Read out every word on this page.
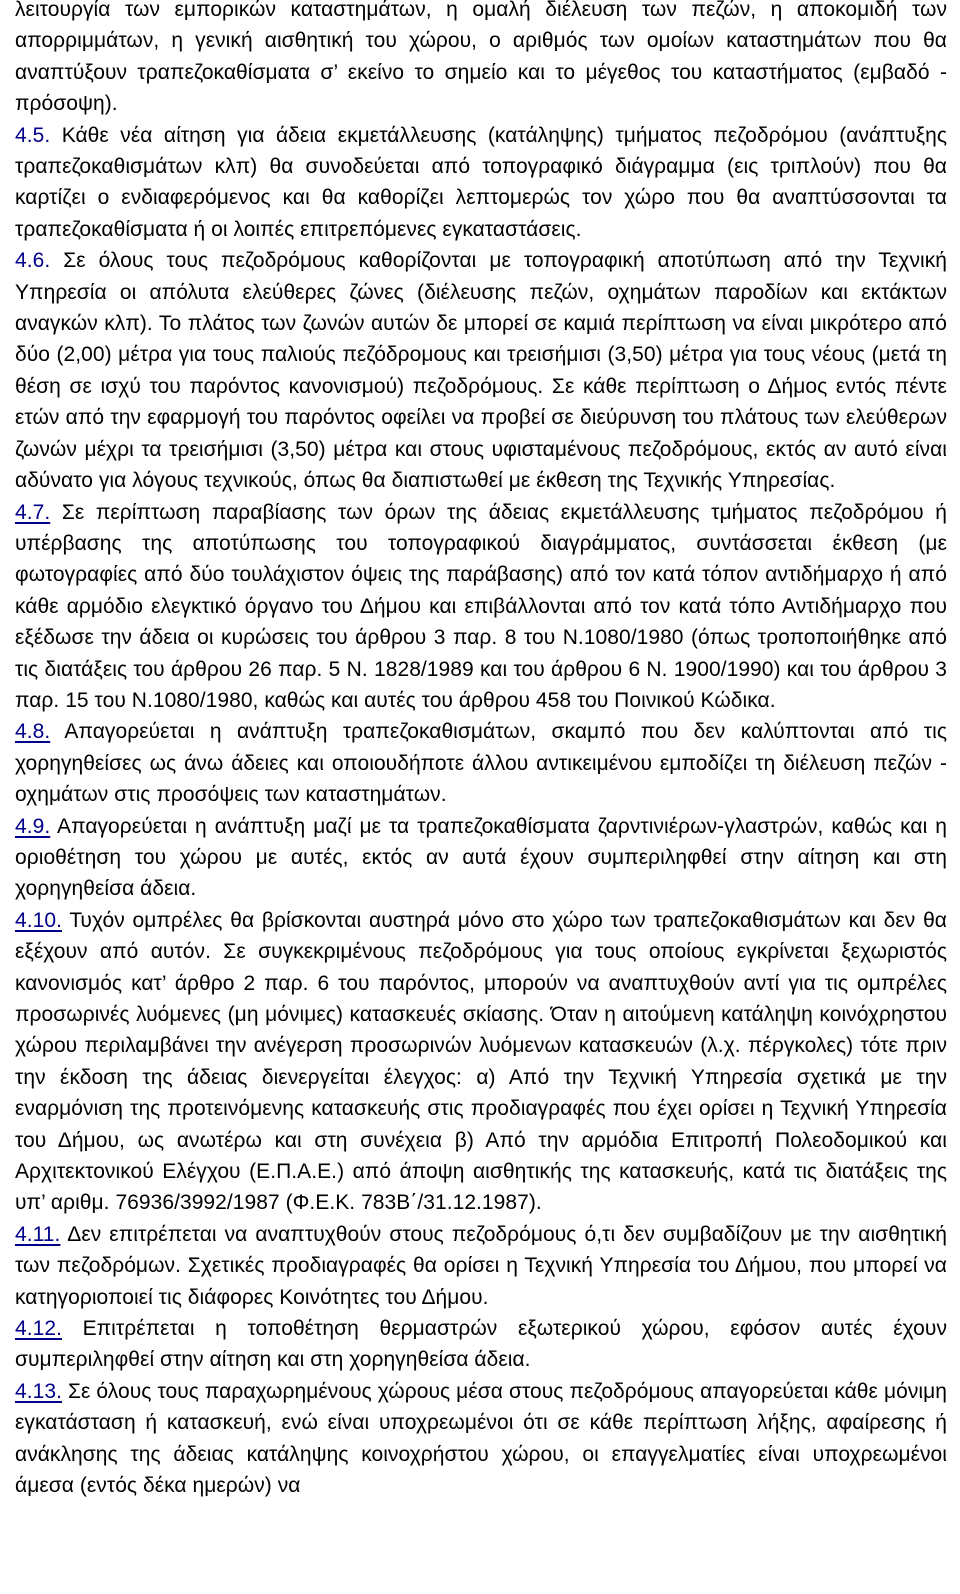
λειτουργία των εμπορικών καταστημάτων, η ομαλή διέλευση των πεζών, η αποκομιδή των απορριμμάτων, η γενική αισθητική του χώρου, ο αριθμός των ομοίων καταστημάτων που θα αναπτύξουν τραπεζοκαθίσματα σ’ εκείνο το σημείο και το μέγεθος του καταστήματος (εμβαδό - πρόσοψη).

4.5. Κάθε νέα αίτηση για άδεια εκμετάλλευσης (κατάληψης) τμήματος πεζοδρόμου (ανάπτυξης τραπεζοκαθισμάτων κλπ) θα συνοδεύεται από τοπογραφικό διάγραμμα (εις τριπλούν) που θα καρτίζει ο ενδιαφερόμενος και θα καθορίζει λεπτομερώς τον χώρο που θα αναπτύσσονται τα τραπεζοκαθίσματα ή οι λοιπές επιτρεπόμενες εγκαταστάσεις.

4.6. Σε όλους τους πεζοδρόμους καθορίζονται με τοπογραφική αποτύπωση από την Τεχνική Υπηρεσία οι απόλυτα ελεύθερες ζώνες (διέλευσης πεζών, οχημάτων παροδίων και εκτάκτων αναγκών κλπ). Το πλάτος των ζωνών αυτών δε μπορεί σε καμιά περίπτωση να είναι μικρότερο από δύο (2,00) μέτρα για τους παλιούς πεζόδρομους και τρεισήμισι (3,50) μέτρα για τους νέους (μετά τη θέση σε ισχύ του παρόντος κανονισμού) πεζοδρόμους. Σε κάθε περίπτωση ο Δήμος εντός πέντε ετών από την εφαρμογή του παρόντος οφείλει να προβεί σε διεύρυνση του πλάτους των ελεύθερων ζωνών μέχρι τα τρεισήμισι (3,50) μέτρα και στους υφισταμένους πεζοδρόμους, εκτός αν αυτό είναι αδύνατο για λόγους τεχνικούς, όπως θα διαπιστωθεί με έκθεση της Τεχνικής Υπηρεσίας.

4.7. Σε περίπτωση παραβίασης των όρων της άδειας εκμετάλλευσης τμήματος πεζοδρόμου ή υπέρβασης της αποτύπωσης του τοπογραφικού διαγράμματος, συντάσσεται έκθεση (με φωτογραφίες από δύο τουλάχιστον όψεις της παράβασης) από τον κατά τόπον αντιδήμαρχο ή από κάθε αρμόδιο ελεγκτικό όργανο του Δήμου και επιβάλλονται από τον κατά τόπο Αντιδήμαρχο που εξέδωσε την άδεια οι κυρώσεις του άρθρου 3 παρ. 8 του Ν.1080/1980 (όπως τροποποιήθηκε από τις διατάξεις του άρθρου 26 παρ. 5 Ν. 1828/1989 και του άρθρου 6 Ν. 1900/1990) και του άρθρου 3 παρ. 15 του Ν.1080/1980, καθώς και αυτές του άρθρου 458 του Ποινικού Κώδικα.

4.8. Απαγορεύεται η ανάπτυξη τραπεζοκαθισμάτων, σκαμπό που δεν καλύπτονται από τις χορηγηθείσες ως άνω άδειες και οποιουδήποτε άλλου αντικειμένου εμποδίζει τη διέλευση πεζών - οχημάτων στις προσόψεις των καταστημάτων.

4.9. Απαγορεύεται η ανάπτυξη μαζί με τα τραπεζοκαθίσματα ζαρντινιέρων-γλαστρών, καθώς και η οριοθέτηση του χώρου με αυτές, εκτός αν αυτά έχουν συμπεριληφθεί στην αίτηση και στη χορηγηθείσα άδεια.

4.10. Τυχόν ομπρέλες θα βρίσκονται αυστηρά μόνο στο χώρο των τραπεζοκαθισμάτων και δεν θα εξέχουν από αυτόν. Σε συγκεκριμένους πεζοδρόμους για τους οποίους εγκρίνεται ξεχωριστός κανονισμός κατ’ άρθρο 2 παρ. 6 του παρόντος, μπορούν να αναπτυχθούν αντί για τις ομπρέλες προσωρινές λυόμενες (μη μόνιμες) κατασκευές σκίασης. Όταν η αιτούμενη κατάληψη κοινόχρηστου χώρου περιλαμβάνει την ανέγερση προσωρινών λυόμενων κατασκευών (λ.χ. πέργκολες) τότε πριν την έκδοση της άδειας διενεργείται έλεγχος: α) Από την Τεχνική Υπηρεσία σχετικά με την εναρμόνιση της προτεινόμενης κατασκευής στις προδιαγραφές που έχει ορίσει η Τεχνική Υπηρεσία του Δήμου, ως ανωτέρω και στη συνέχεια β) Από την αρμόδια Επιτροπή Πολεοδομικού και Αρχιτεκτονικού Ελέγχου (Ε.Π.Α.Ε.) από άποψη αισθητικής της κατασκευής, κατά τις διατάξεις της υπ’ αριθμ. 76936/3992/1987 (Φ.Ε.Κ. 783Β΄/31.12.1987).

4.11. Δεν επιτρέπεται να αναπτυχθούν στους πεζοδρόμους ό,τι δεν συμβαδίζουν με την αισθητική των πεζοδρόμων. Σχετικές προδιαγραφές θα ορίσει η Τεχνική Υπηρεσία του Δήμου, που μπορεί να κατηγοριοποιεί τις διάφορες Κοινότητες του Δήμου.

4.12. Επιτρέπεται η τοποθέτηση θερμαστρών εξωτερικού χώρου, εφόσον αυτές έχουν συμπεριληφθεί στην αίτηση και στη χορηγηθείσα άδεια.

4.13. Σε όλους τους παραχωρημένους χώρους μέσα στους πεζοδρόμους απαγορεύεται κάθε μόνιμη εγκατάσταση ή κατασκευή, ενώ είναι υποχρεωμένοι ότι σε κάθε περίπτωση λήξης, αφαίρεσης ή ανάκλησης της άδειας κατάληψης κοινοχρήστου χώρου, οι επαγγελματίες είναι υποχρεωμένοι άμεσα (εντός δέκα ημερών) να
